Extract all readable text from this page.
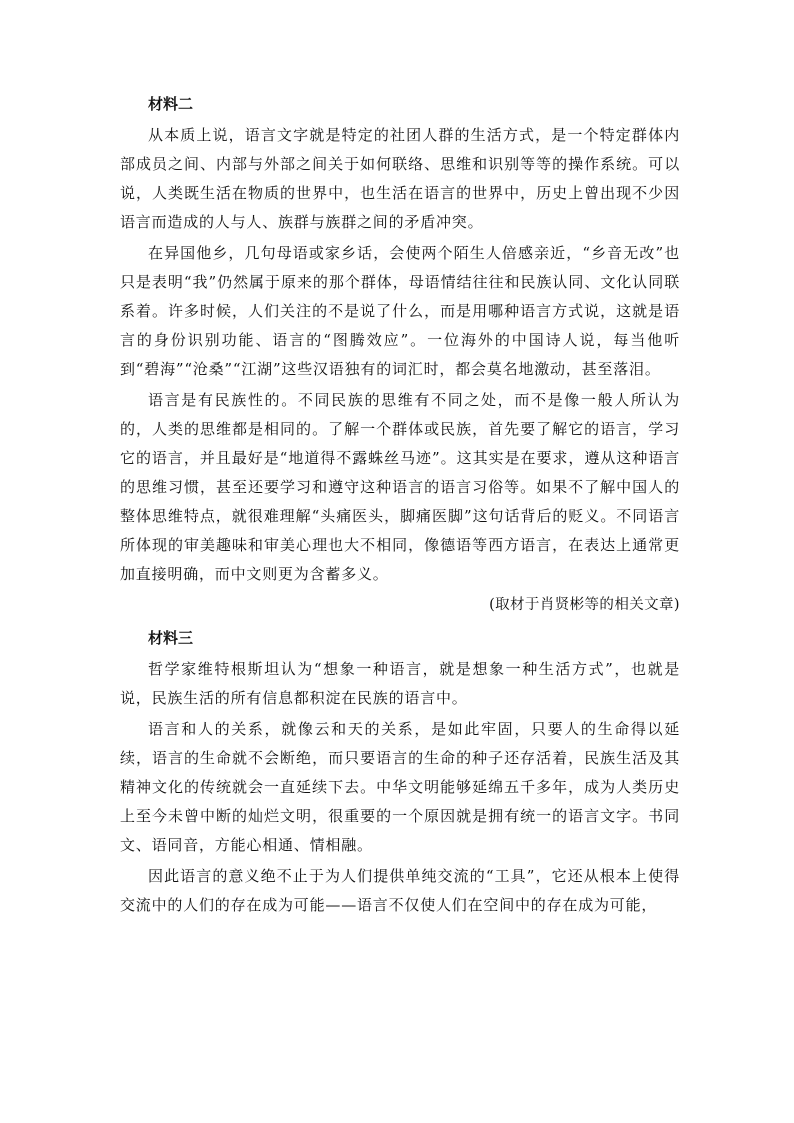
材料二

从本质上说，语言文字就是特定的社团人群的生活方式，是一个特定群体内部成员之间、内部与外部之间关于如何联络、思维和识别等等的操作系统。可以说，人类既生活在物质的世界中，也生活在语言的世界中，历史上曾出现不少因语言而造成的人与人、族群与族群之间的矛盾冲突。

在异国他乡，几句母语或家乡话，会使两个陌生人倍感亲近，“乡音无改”也只是表明“我”仍然属于原来的那个群体，母语情结往往和民族认同、文化认同联系着。许多时候，人们关注的不是说了什么，而是用哪种语言方式说，这就是语言的身份识别功能、语言的“图腾效应”。一位海外的中国诗人说，每当他听到“碧海”“沧桑”“江湖”这些汉语独有的词汇时，都会莫名地激动，甚至落泪。

语言是有民族性的。不同民族的思维有不同之处，而不是像一般人所认为的，人类的思维都是相同的。了解一个群体或民族，首先要了解它的语言，学习它的语言，并且最好是“地道得不露蛛丝马迹”。这其实是在要求，遵从这种语言的思维习惯，甚至还要学习和遵守这种语言的语言习俗等。如果不了解中国人的整体思维特点，就很难理解“头痛医头，脚痛医脚”这句话背后的贬义。不同语言所体现的审美趣味和审美心理也大不相同，像德语等西方语言，在表达上通常更加直接明确，而中文则更为含蓄多义。

(取材于肖贤彬等的相关文章)
材料三

哲学家维特根斯坦认为“想象一种语言，就是想象一种生活方式”，也就是说，民族生活的所有信息都积淀在民族的语言中。

语言和人的关系，就像云和天的关系，是如此牢固，只要人的生命得以延续，语言的生命就不会断绝，而只要语言的生命的种子还存活着，民族生活及其精神文化的传统就会一直延续下去。中华文明能够延绵五千多年，成为人类历史上至今未曾中断的灿烂文明，很重要的一个原因就是拥有统一的语言文字。书同文、语同音，方能心相通、情相融。

因此语言的意义绝不止于为人们提供单纯交流的“工具”，它还从根本上使得交流中的人们的存在成为可能——语言不仅使人们在空间中的存在成为可能，
